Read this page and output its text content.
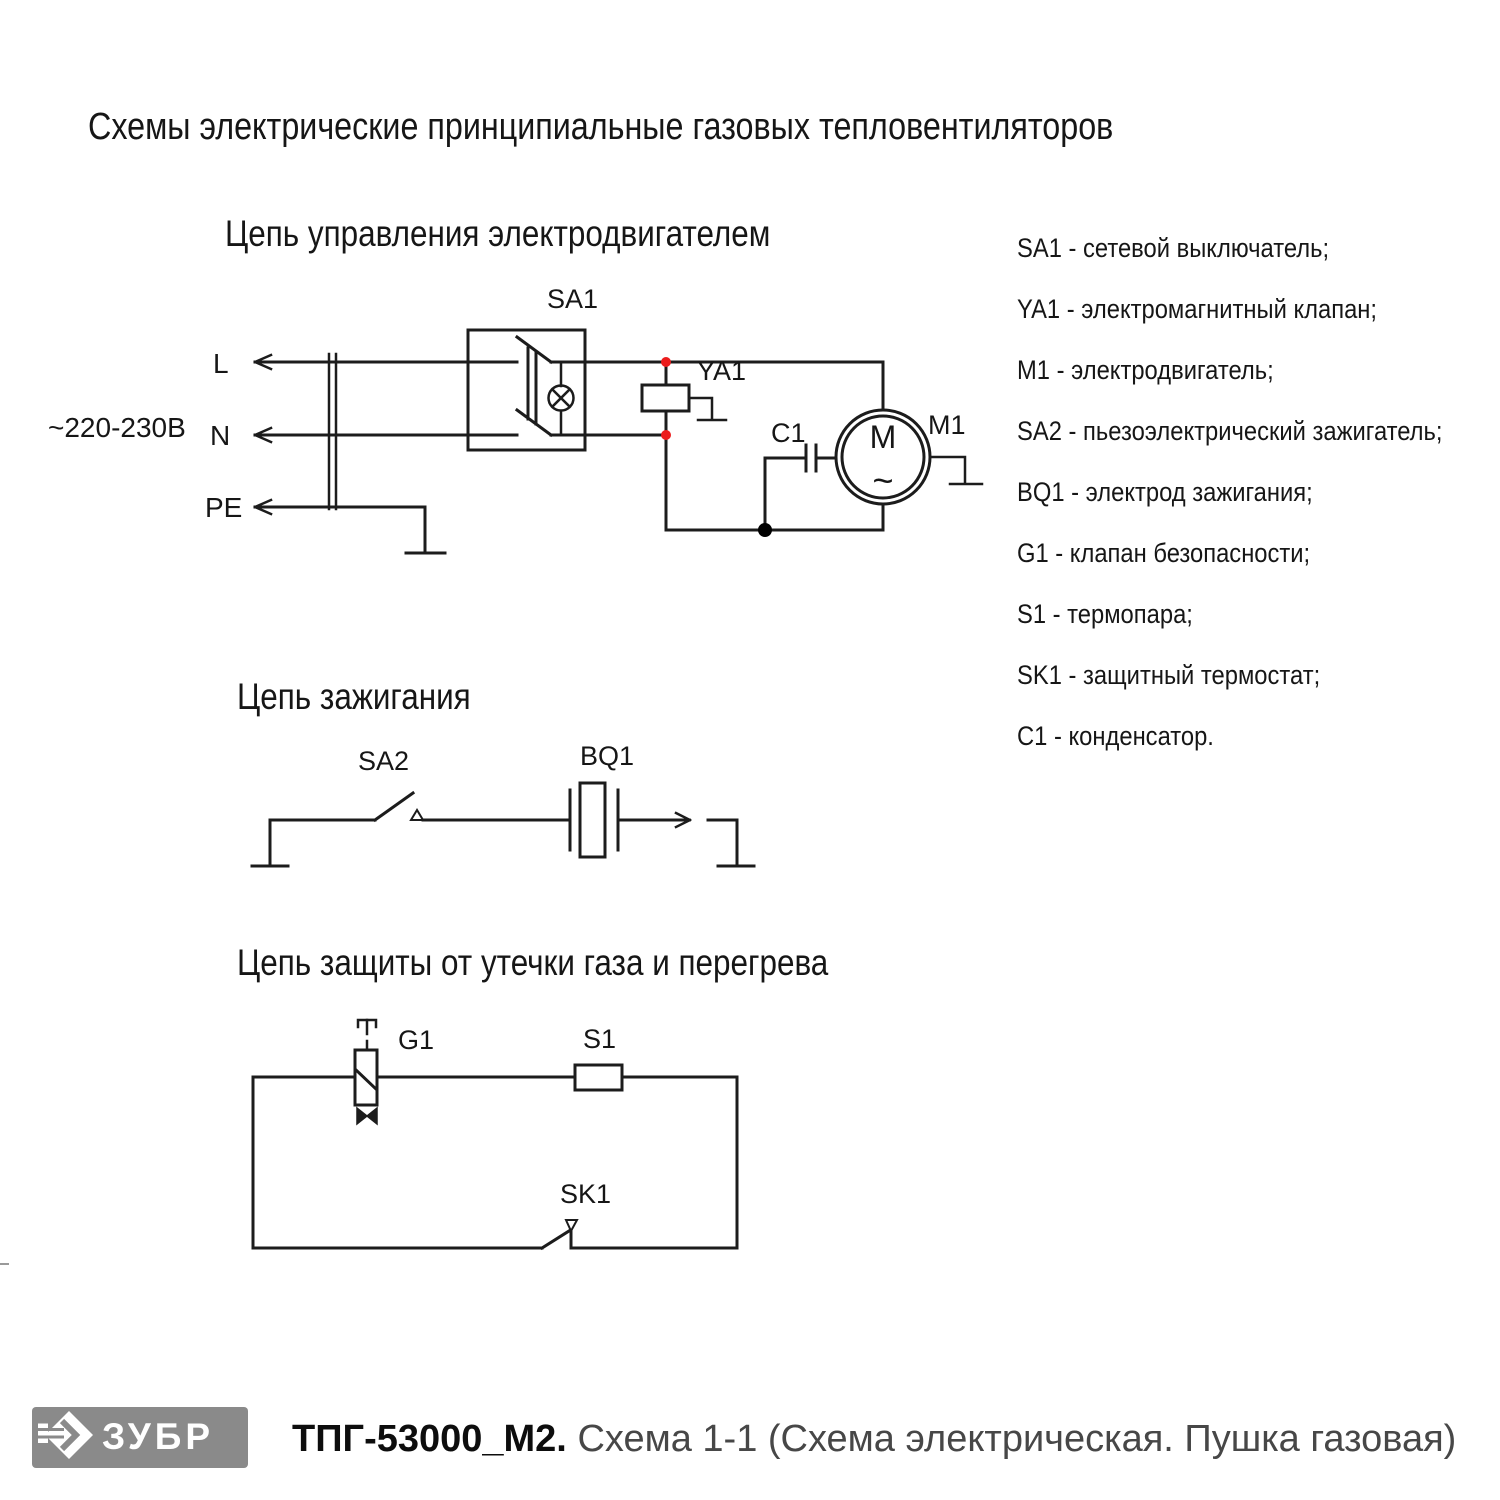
Схемы электрические принципиальные газовых тепловентиляторов
Цепь управления электродвигателем
Цепь зажигания
Цепь защиты от утечки газа и перегрева
SA1 - сетевой выключатель;
YA1 - электромагнитный клапан;
M1 - электродвигатель;
SA2 - пьезоэлектрический зажигатель;
BQ1 - электрод зажигания;
G1 - клапан безопасности;
S1 - термопара;
SK1 - защитный термостат;
C1 - конденсатор.
~220-230В
L
N
PE
SA1
YA1
C1	M1
M
~
SA2	BQ1
G1	S1
SK1
ЗУБР ТПГ-53000_М2. Схема 1-1 (Схема электрическая. Пушка газовая)
